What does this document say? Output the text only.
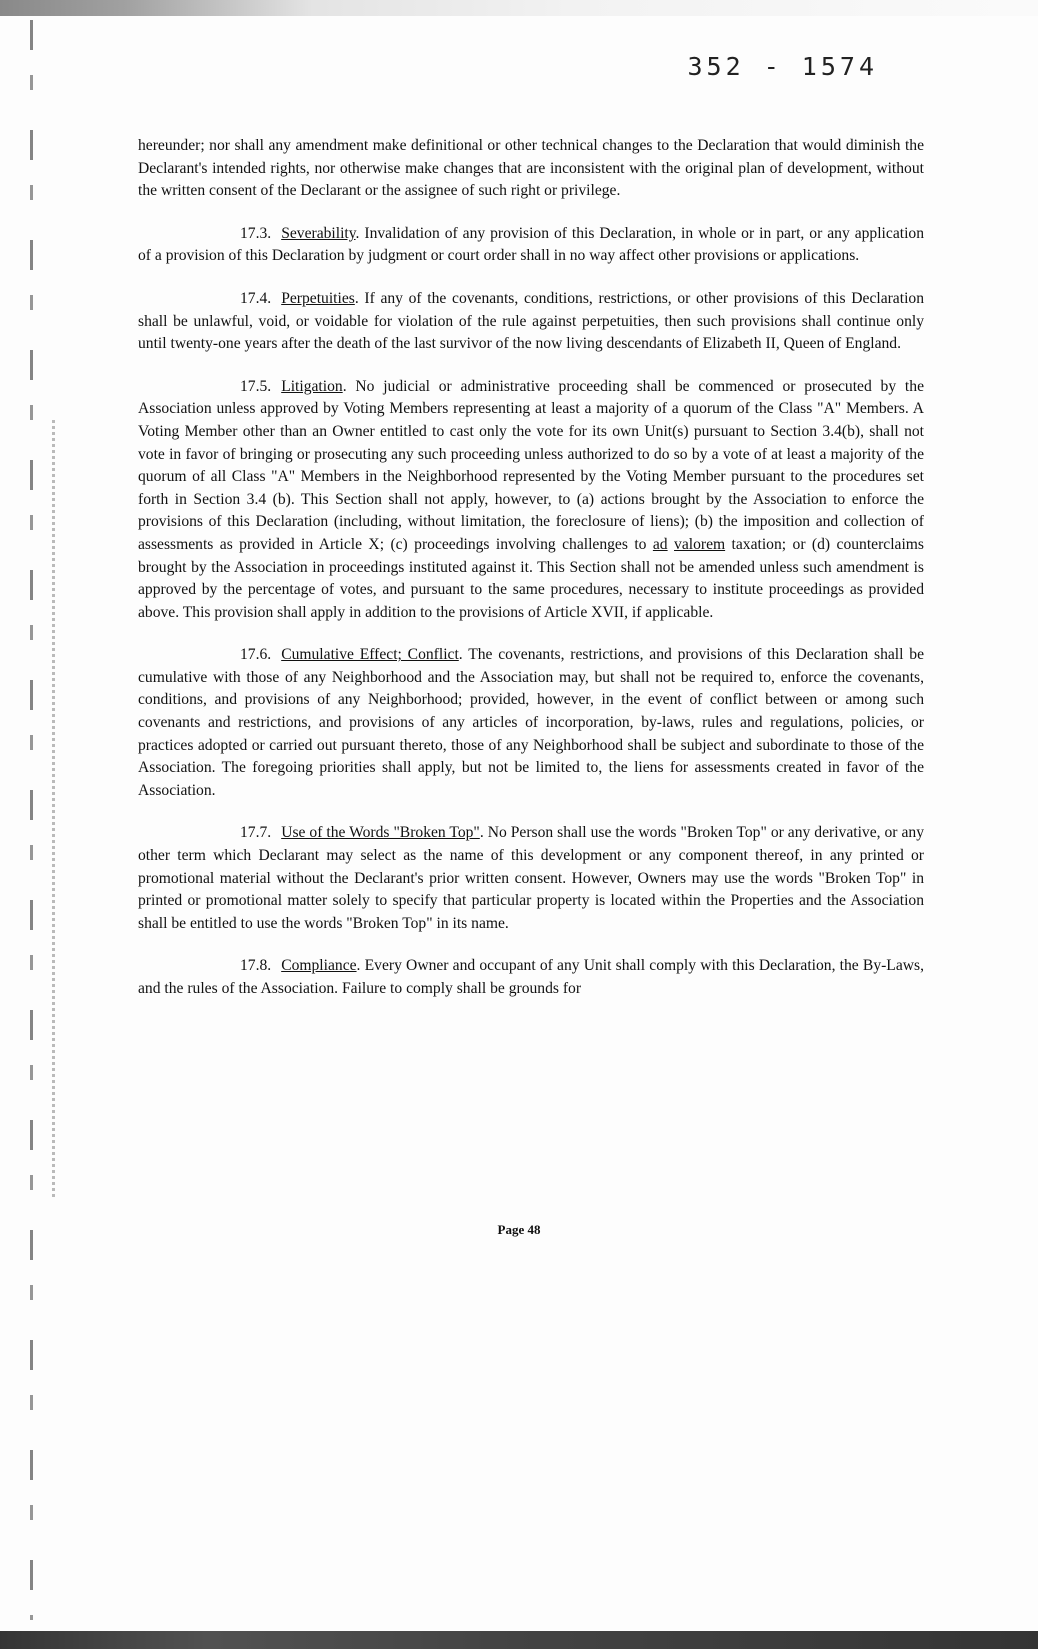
352 - 1574

hereunder; nor shall any amendment make definitional or other technical changes to the Declaration that would diminish the Declarant's intended rights, nor otherwise make changes that are inconsistent with the original plan of development, without the written consent of the Declarant or the assignee of such right or privilege.

17.3. Severability. Invalidation of any provision of this Declaration, in whole or in part, or any application of a provision of this Declaration by judgment or court order shall in no way affect other provisions or applications.

17.4. Perpetuities. If any of the covenants, conditions, restrictions, or other provisions of this Declaration shall be unlawful, void, or voidable for violation of the rule against perpetuities, then such provisions shall continue only until twenty-one years after the death of the last survivor of the now living descendants of Elizabeth II, Queen of England.

17.5. Litigation. No judicial or administrative proceeding shall be commenced or prosecuted by the Association unless approved by Voting Members representing at least a majority of a quorum of the Class "A" Members. A Voting Member other than an Owner entitled to cast only the vote for its own Unit(s) pursuant to Section 3.4(b), shall not vote in favor of bringing or prosecuting any such proceeding unless authorized to do so by a vote of at least a majority of the quorum of all Class "A" Members in the Neighborhood represented by the Voting Member pursuant to the procedures set forth in Section 3.4 (b). This Section shall not apply, however, to (a) actions brought by the Association to enforce the provisions of this Declaration (including, without limitation, the foreclosure of liens); (b) the imposition and collection of assessments as provided in Article X; (c) proceedings involving challenges to ad valorem taxation; or (d) counterclaims brought by the Association in proceedings instituted against it. This Section shall not be amended unless such amendment is approved by the percentage of votes, and pursuant to the same procedures, necessary to institute proceedings as provided above. This provision shall apply in addition to the provisions of Article XVII, if applicable.

17.6. Cumulative Effect; Conflict. The covenants, restrictions, and provisions of this Declaration shall be cumulative with those of any Neighborhood and the Association may, but shall not be required to, enforce the covenants, conditions, and provisions of any Neighborhood; provided, however, in the event of conflict between or among such covenants and restrictions, and provisions of any articles of incorporation, by-laws, rules and regulations, policies, or practices adopted or carried out pursuant thereto, those of any Neighborhood shall be subject and subordinate to those of the Association. The foregoing priorities shall apply, but not be limited to, the liens for assessments created in favor of the Association.

17.7. Use of the Words "Broken Top". No Person shall use the words "Broken Top" or any derivative, or any other term which Declarant may select as the name of this development or any component thereof, in any printed or promotional material without the Declarant's prior written consent. However, Owners may use the words "Broken Top" in printed or promotional matter solely to specify that particular property is located within the Properties and the Association shall be entitled to use the words "Broken Top" in its name.

17.8. Compliance. Every Owner and occupant of any Unit shall comply with this Declaration, the By-Laws, and the rules of the Association. Failure to comply shall be grounds for

Page 48
